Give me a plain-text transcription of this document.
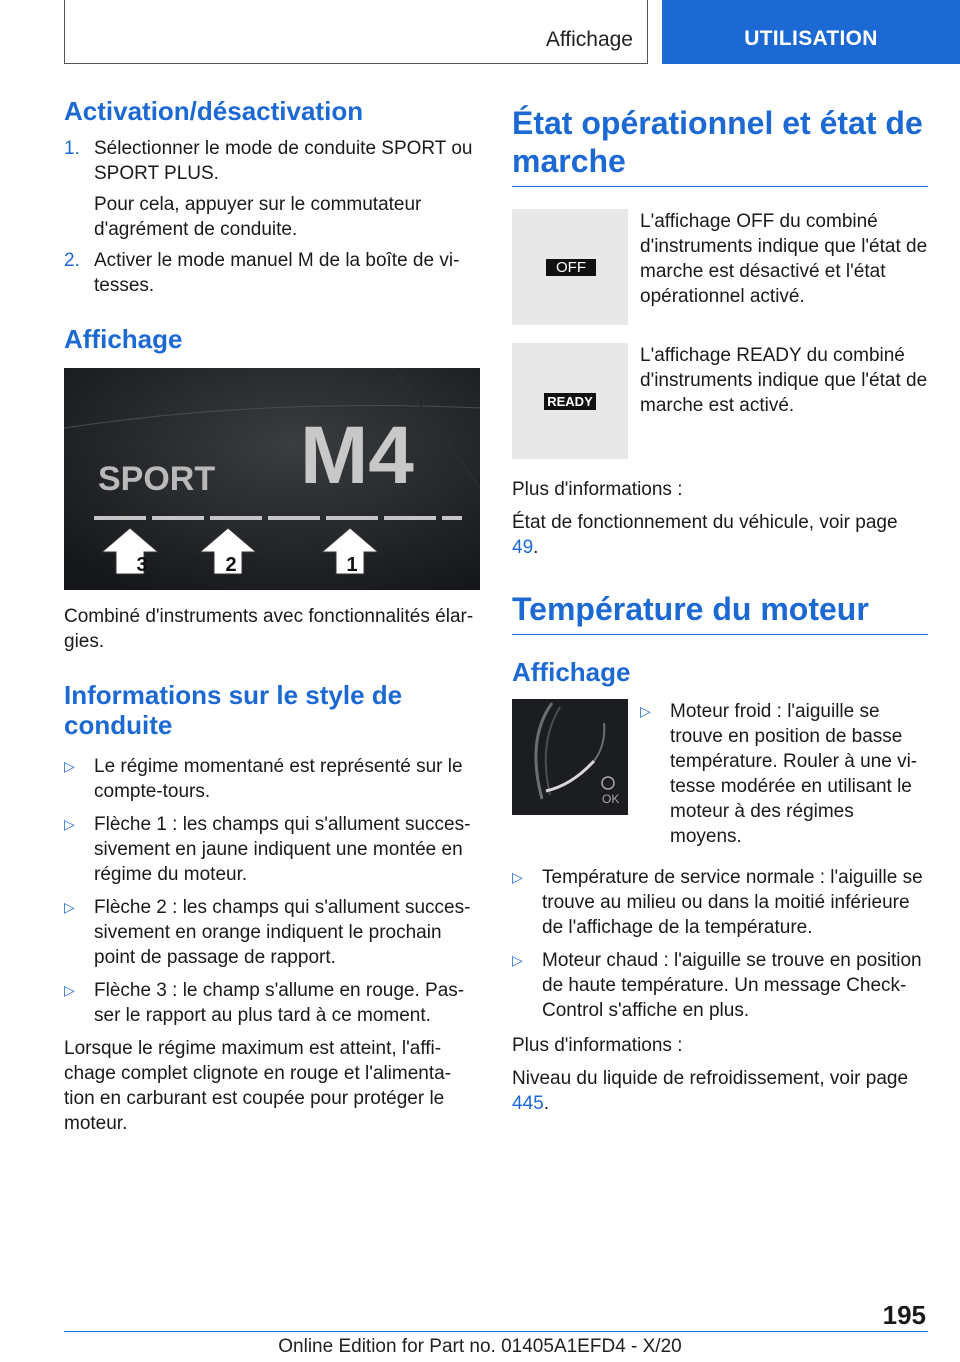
Affichage	UTILISATION
Activation/désactivation
1. Sélectionner le mode de conduite SPORT ou SPORT PLUS.
Pour cela, appuyer sur le commutateur d'agrément de conduite.
2. Activer le mode manuel M de la boîte de vi-tesses.
Affichage
SPORT M4
3	2	1

Combiné d'instruments avec fonctionnalités élar-gies.

Informations sur le style de conduite
▷	Le régime momentané est représenté sur le compte-tours.
▷	Flèche 1 : les champs qui s'allument succes-sivement en jaune indiquent une montée en régime du moteur.
▷	Flèche 2 : les champs qui s'allument succes-sivement en orange indiquent le prochain point de passage de rapport.
▷	Flèche 3 : le champ s'allume en rouge. Pas-ser le rapport au plus tard à ce moment.

Lorsque le régime maximum est atteint, l'affi-chage complet clignote en rouge et l'alimenta-tion en carburant est coupée pour protéger le moteur.

État opérationnel et état de marche
OFF
L'affichage OFF du combiné d'instruments indique que l'état de marche est désactivé et l'état opérationnel activé.
READY
L'affichage READY du combiné d'instruments indique que l'état de marche est activé.

Plus d'informations :

État de fonctionnement du véhicule, voir page 49.

Température du moteur
Affichage
OK
▷	Moteur froid : l'aiguille se trouve en position de basse température. Rouler à une vi-tesse modérée en utilisant le moteur à des régimes moyens.
▷	Température de service normale : l'aiguille se trouve au milieu ou dans la moitié inférieure de l'affichage de la température.
▷	Moteur chaud : l'aiguille se trouve en position de haute température. Un message Check-Control s'affiche en plus.

Plus d'informations :

Niveau du liquide de refroidissement, voir page 445.

195
Online Edition for Part no. 01405A1EFD4 - X/20
